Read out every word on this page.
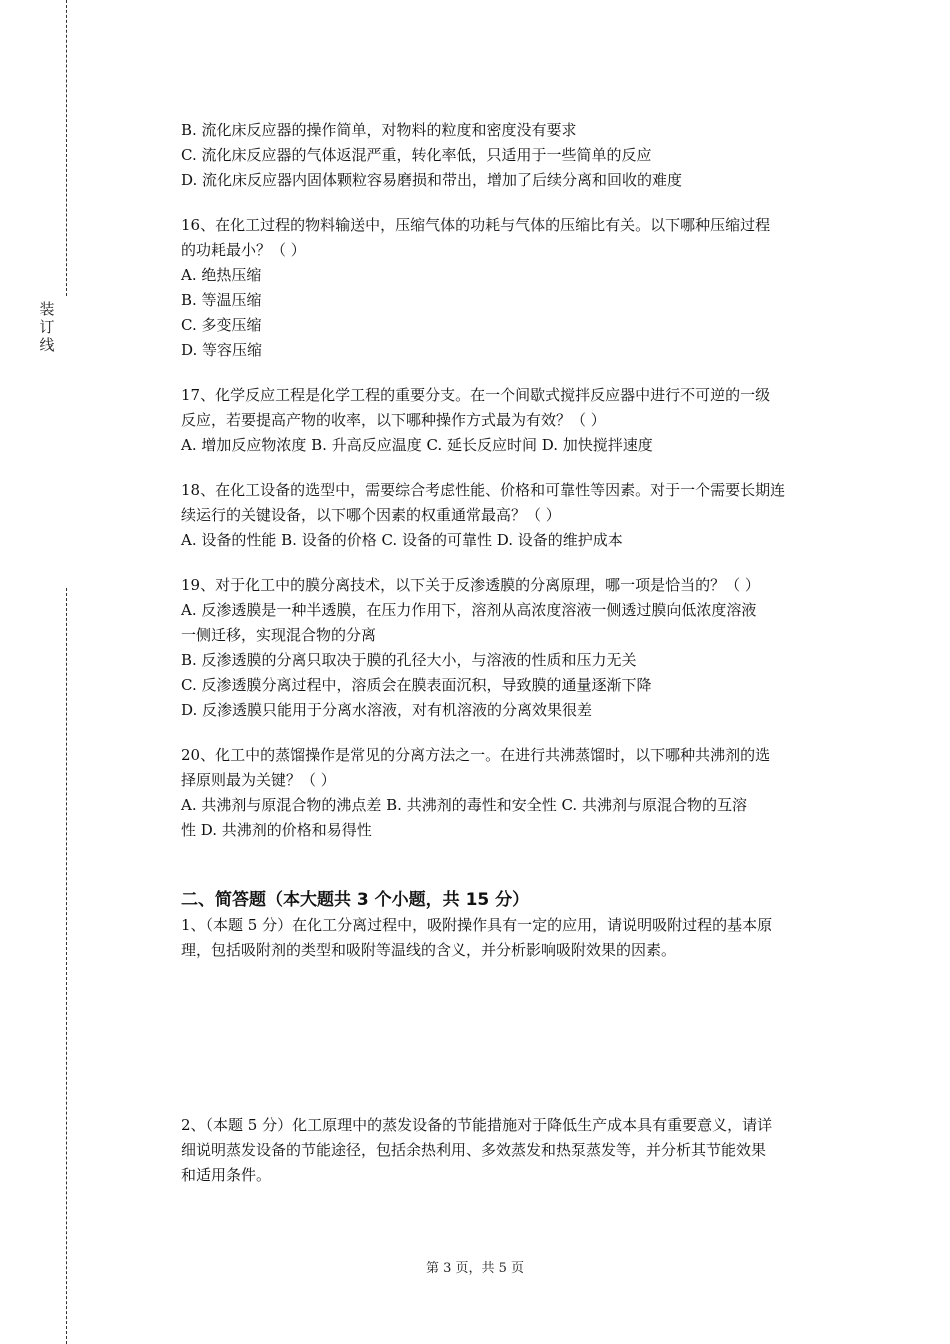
装
订
线
B. 流化床反应器的操作简单，对物料的粒度和密度没有要求
C. 流化床反应器的气体返混严重，转化率低，只适用于一些简单的反应
D. 流化床反应器内固体颗粒容易磨损和带出，增加了后续分离和回收的难度
16、在化工过程的物料输送中，压缩气体的功耗与气体的压缩比有关。以下哪种压缩过程
的功耗最小？（ ）
A. 绝热压缩
B. 等温压缩
C. 多变压缩
D. 等容压缩
17、化学反应工程是化学工程的重要分支。在一个间歇式搅拌反应器中进行不可逆的一级
反应，若要提高产物的收率，以下哪种操作方式最为有效？（ ）
A. 增加反应物浓度 B. 升高反应温度 C. 延长反应时间 D. 加快搅拌速度
18、在化工设备的选型中，需要综合考虑性能、价格和可靠性等因素。对于一个需要长期连
续运行的关键设备，以下哪个因素的权重通常最高？（ ）
A. 设备的性能 B. 设备的价格 C. 设备的可靠性 D. 设备的维护成本
19、对于化工中的膜分离技术，以下关于反渗透膜的分离原理，哪一项是恰当的？（ ）
A. 反渗透膜是一种半透膜，在压力作用下，溶剂从高浓度溶液一侧透过膜向低浓度溶液
一侧迁移，实现混合物的分离
B. 反渗透膜的分离只取决于膜的孔径大小，与溶液的性质和压力无关
C. 反渗透膜分离过程中，溶质会在膜表面沉积，导致膜的通量逐渐下降
D. 反渗透膜只能用于分离水溶液，对有机溶液的分离效果很差
20、化工中的蒸馏操作是常见的分离方法之一。在进行共沸蒸馏时，以下哪种共沸剂的选
择原则最为关键？（ ）
A. 共沸剂与原混合物的沸点差 B. 共沸剂的毒性和安全性 C. 共沸剂与原混合物的互溶
性 D. 共沸剂的价格和易得性
二、简答题（本大题共 3 个小题，共 15 分）
1、（本题 5 分）在化工分离过程中，吸附操作具有一定的应用，请说明吸附过程的基本原
理，包括吸附剂的类型和吸附等温线的含义，并分析影响吸附效果的因素。
2、（本题 5 分）化工原理中的蒸发设备的节能措施对于降低生产成本具有重要意义，请详
细说明蒸发设备的节能途径，包括余热利用、多效蒸发和热泵蒸发等，并分析其节能效果
和适用条件。
第 3 页，共 5 页
